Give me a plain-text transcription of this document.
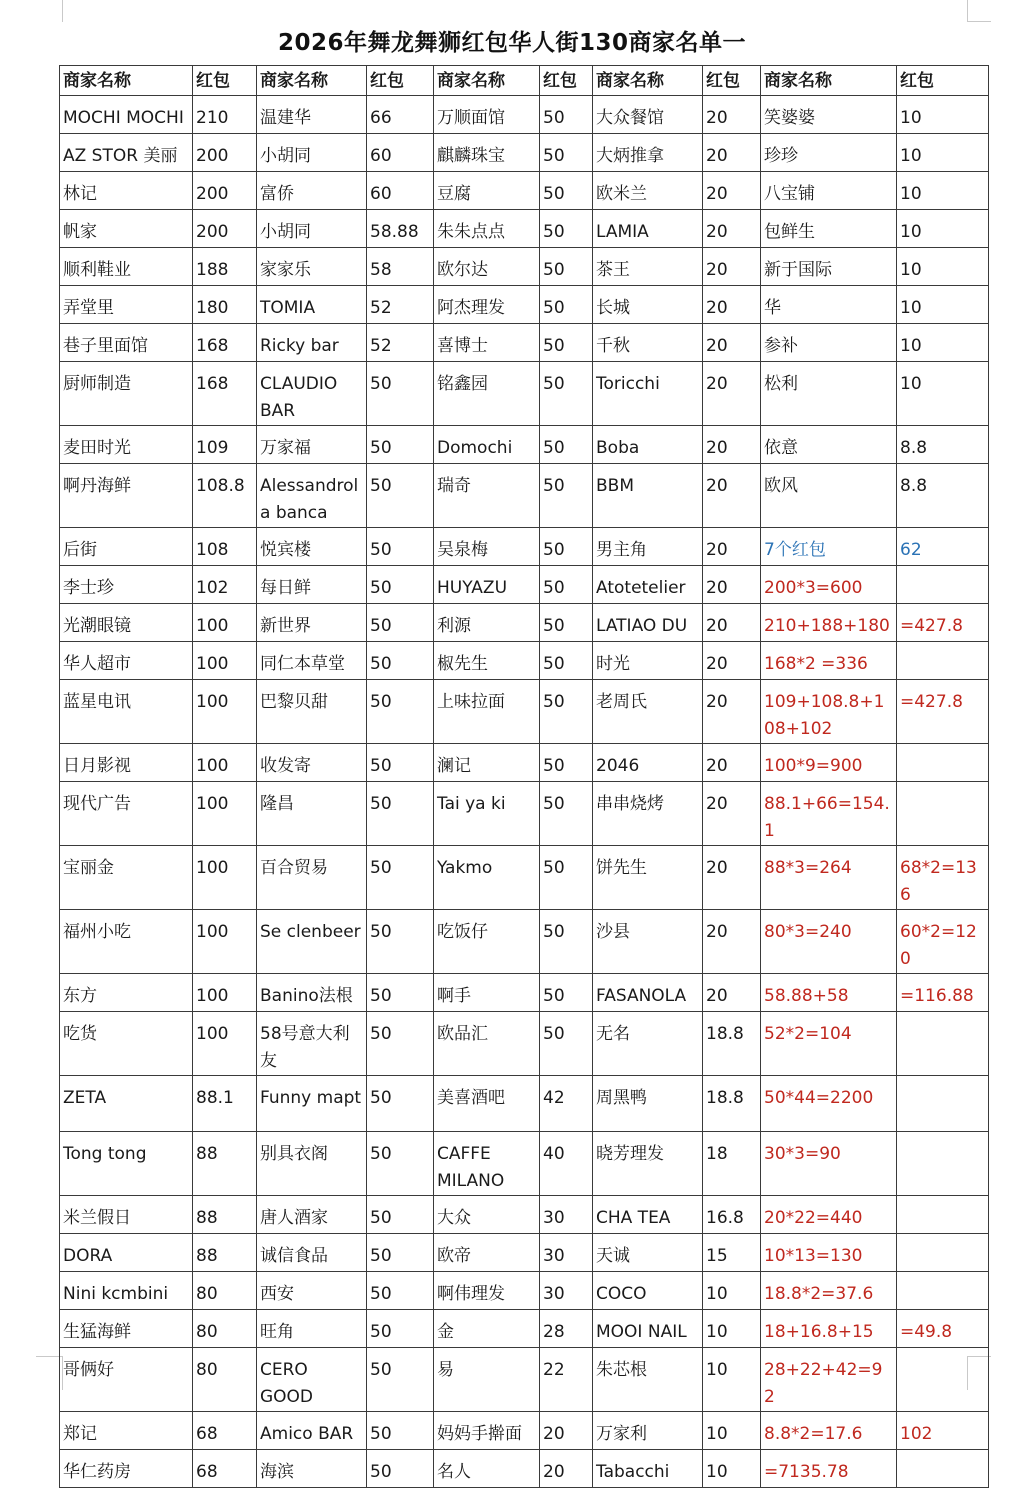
2026年舞龙舞狮红包华人街130商家名单一
商家名称	红包	商家名称	红包	商家名称	红包	商家名称	红包	商家名称	红包
MOCHI MOCHI	210	温建华	66	万顺面馆	50	大众餐馆	20	笑婆婆	10
AZ STOR 美丽	200	小胡同	60	麒麟珠宝	50	大炳推拿	20	珍珍	10
林记	200	富侨	60	豆腐	50	欧米兰	20	八宝铺	10
帆家	200	小胡同	58.88	朱朱点点	50	LAMIA	20	包鲜生	10
顺利鞋业	188	家家乐	58	欧尔达	50	茶王	20	新于国际	10
弄堂里	180	TOMIA	52	阿杰理发	50	长城	20	华	10
巷子里面馆	168	Ricky bar	52	喜博士	50	千秋	20	参补	10
厨师制造	168	CLAUDIO BAR	50	铭鑫园	50	Toricchi	20	松利	10
麦田时光	109	万家福	50	Domochi	50	Boba	20	依意	8.8
啊丹海鲜	108.8	Alessandrola banca	50	瑞奇	50	BBM	20	欧风	8.8
后街	108	悦宾楼	50	吴泉梅	50	男主角	20	7个红包	62
李士珍	102	每日鲜	50	HUYAZU	50	Atotetelier	20	200*3=600	
光潮眼镜	100	新世界	50	利源	50	LATIAO DU	20	210+188+180	=427.8
华人超市	100	同仁本草堂	50	椒先生	50	时光	20	168*2 =336	
蓝星电讯	100	巴黎贝甜	50	上味拉面	50	老周氏	20	109+108.8+108+102	=427.8
日月影视	100	收发寄	50	澜记	50	2046	20	100*9=900	
现代广告	100	隆昌	50	Tai ya ki	50	串串烧烤	20	88.1+66=154.1	
宝丽金	100	百合贸易	50	Yakmo	50	饼先生	20	88*3=264	68*2=136
福州小吃	100	Se clenbeer	50	吃饭仔	50	沙县	20	80*3=240	60*2=120
东方	100	Banino法根	50	啊手	50	FASANOLA	20	58.88+58	=116.88
吃货	100	58号意大利友	50	欧品汇	50	无名	18.8	52*2=104	
ZETA	88.1	Funny mapt	50	美喜酒吧	42	周黑鸭	18.8	50*44=2200	
Tong tong	88	别具衣阁	50	CAFFE MILANO	40	晓芳理发	18	30*3=90	
米兰假日	88	唐人酒家	50	大众	30	CHA TEA	16.8	20*22=440	
DORA	88	诚信食品	50	欧帝	30	天诚	15	10*13=130	
Nini kcmbini	80	西安	50	啊伟理发	30	COCO	10	18.8*2=37.6	
生猛海鲜	80	旺角	50	金	28	MOOI NAIL	10	18+16.8+15	=49.8
哥俩好	80	CERO GOOD	50	易	22	朱芯根	10	28+22+42=92	
郑记	68	Amico BAR	50	妈妈手擀面	20	万家利	10	8.8*2=17.6	102
华仁药房	68	海滨	50	名人	20	Tabacchi	10	=7135.78	
